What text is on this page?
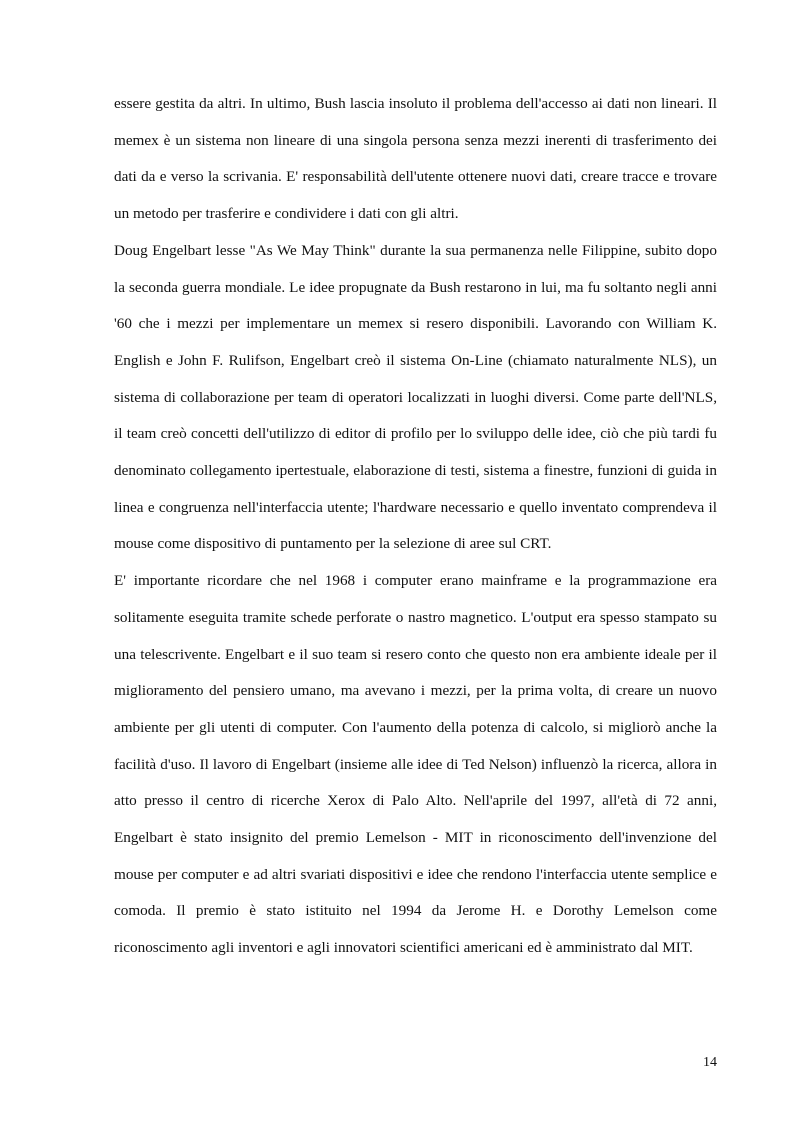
essere gestita da altri. In ultimo, Bush lascia insoluto il problema dell'accesso ai dati non lineari. Il memex è un sistema non lineare di una singola persona senza mezzi inerenti di trasferimento dei dati da e verso la scrivania. E' responsabilità dell'utente ottenere nuovi dati, creare tracce e trovare un metodo per trasferire e condividere i dati con gli altri.

Doug Engelbart lesse "As We May Think" durante la sua permanenza nelle Filippine, subito dopo la seconda guerra mondiale. Le idee propugnate da Bush restarono in lui, ma fu soltanto negli anni '60 che i mezzi per implementare un memex si resero disponibili. Lavorando con William K. English e John F. Rulifson, Engelbart creò il sistema On-Line (chiamato naturalmente NLS), un sistema di collaborazione per team di operatori localizzati in luoghi diversi. Come parte dell'NLS, il team creò concetti dell'utilizzo di editor di profilo per lo sviluppo delle idee, ciò che più tardi fu denominato collegamento ipertestuale, elaborazione di testi, sistema a finestre, funzioni di guida in linea e congruenza nell'interfaccia utente; l'hardware necessario e quello inventato comprendeva il mouse come dispositivo di puntamento per la selezione di aree sul CRT.

E' importante ricordare che nel 1968 i computer erano mainframe e la programmazione era solitamente eseguita tramite schede perforate o nastro magnetico. L'output era spesso stampato su una telescrivente. Engelbart e il suo team si resero conto che questo non era ambiente ideale per il miglioramento del pensiero umano, ma avevano i mezzi, per la prima volta, di creare un nuovo ambiente per gli utenti di computer. Con l'aumento della potenza di calcolo, si migliorò anche la facilità d'uso. Il lavoro di Engelbart (insieme alle idee di Ted Nelson) influenzò la ricerca, allora in atto presso il centro di ricerche Xerox di Palo Alto. Nell'aprile del 1997, all'età di 72 anni, Engelbart è stato insignito del premio Lemelson - MIT in riconoscimento dell'invenzione del mouse per computer e ad altri svariati dispositivi e idee che rendono l'interfaccia utente semplice e comoda. Il premio è stato istituito nel 1994 da Jerome H. e Dorothy Lemelson come riconoscimento agli inventori e agli innovatori scientifici americani ed è amministrato dal MIT.

14
